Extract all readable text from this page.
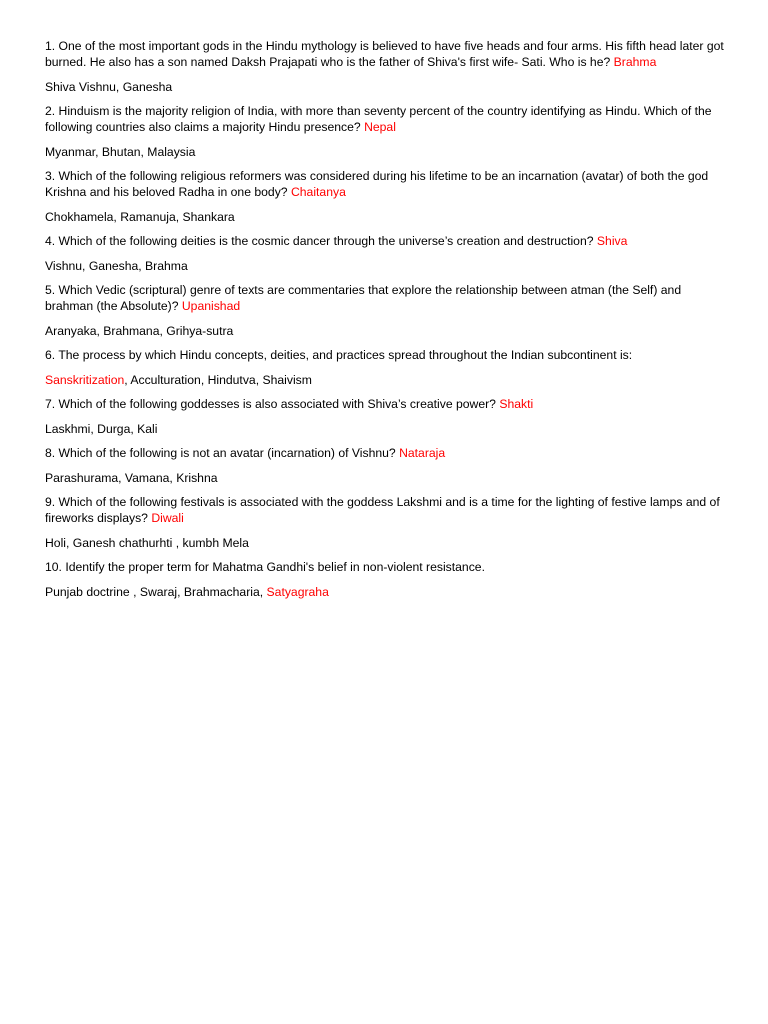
1. One of the most important gods in the Hindu mythology is believed to have five heads and four arms. His fifth head later got burned. He also has a son named Daksh Prajapati who is the father of Shiva's first wife- Sati. Who is he? Brahma

Shiva Vishnu, Ganesha

2. Hinduism is the majority religion of India, with more than seventy percent of the country identifying as Hindu. Which of the following countries also claims a majority Hindu presence? Nepal

Myanmar, Bhutan, Malaysia

3. Which of the following religious reformers was considered during his lifetime to be an incarnation (avatar) of both the god Krishna and his beloved Radha in one body? Chaitanya

Chokhamela, Ramanuja, Shankara

4. Which of the following deities is the cosmic dancer through the universe’s creation and destruction? Shiva

Vishnu, Ganesha, Brahma

5. Which Vedic (scriptural) genre of texts are commentaries that explore the relationship between atman (the Self) and brahman (the Absolute)? Upanishad

Aranyaka, Brahmana, Grihya-sutra

6. The process by which Hindu concepts, deities, and practices spread throughout the Indian subcontinent is:

Sanskritization, Acculturation, Hindutva, Shaivism

7. Which of the following goddesses is also associated with Shiva’s creative power? Shakti

Laskhmi, Durga, Kali

8. Which of the following is not an avatar (incarnation) of Vishnu? Nataraja

Parashurama, Vamana, Krishna

9. Which of the following festivals is associated with the goddess Lakshmi and is a time for the lighting of festive lamps and of fireworks displays? Diwali

Holi, Ganesh chathurhti , kumbh Mela

10. Identify the proper term for Mahatma Gandhi's belief in non-violent resistance.

Punjab doctrine , Swaraj, Brahmacharia, Satyagraha
